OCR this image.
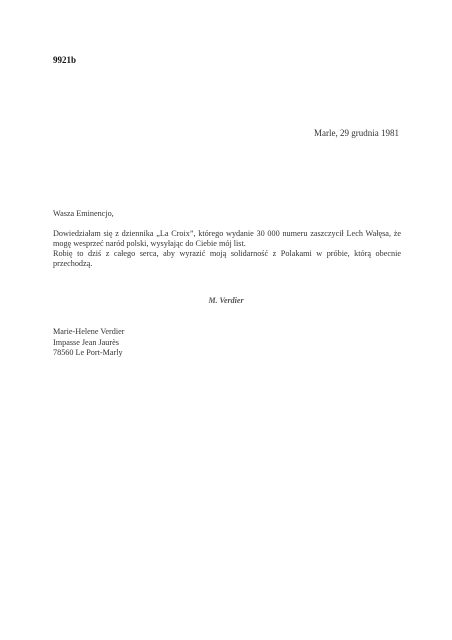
9921b
Marle, 29 grudnia 1981

Wasza Eminencjo,

Dowiedziałam się z dziennika „La Croix”, którego wydanie 30 000 numeru zaszczycił Lech Wałęsa, że mogę wesprzeć naród polski, wysyłając do Ciebie mój list.

Robię to dziś z całego serca, aby wyrazić moją solidarność z Polakami w próbie, którą obecnie przechodzą.

M. Verdier
Marie-Helene Verdier
Impasse Jean Jaurès
78560 Le Port-Marly
